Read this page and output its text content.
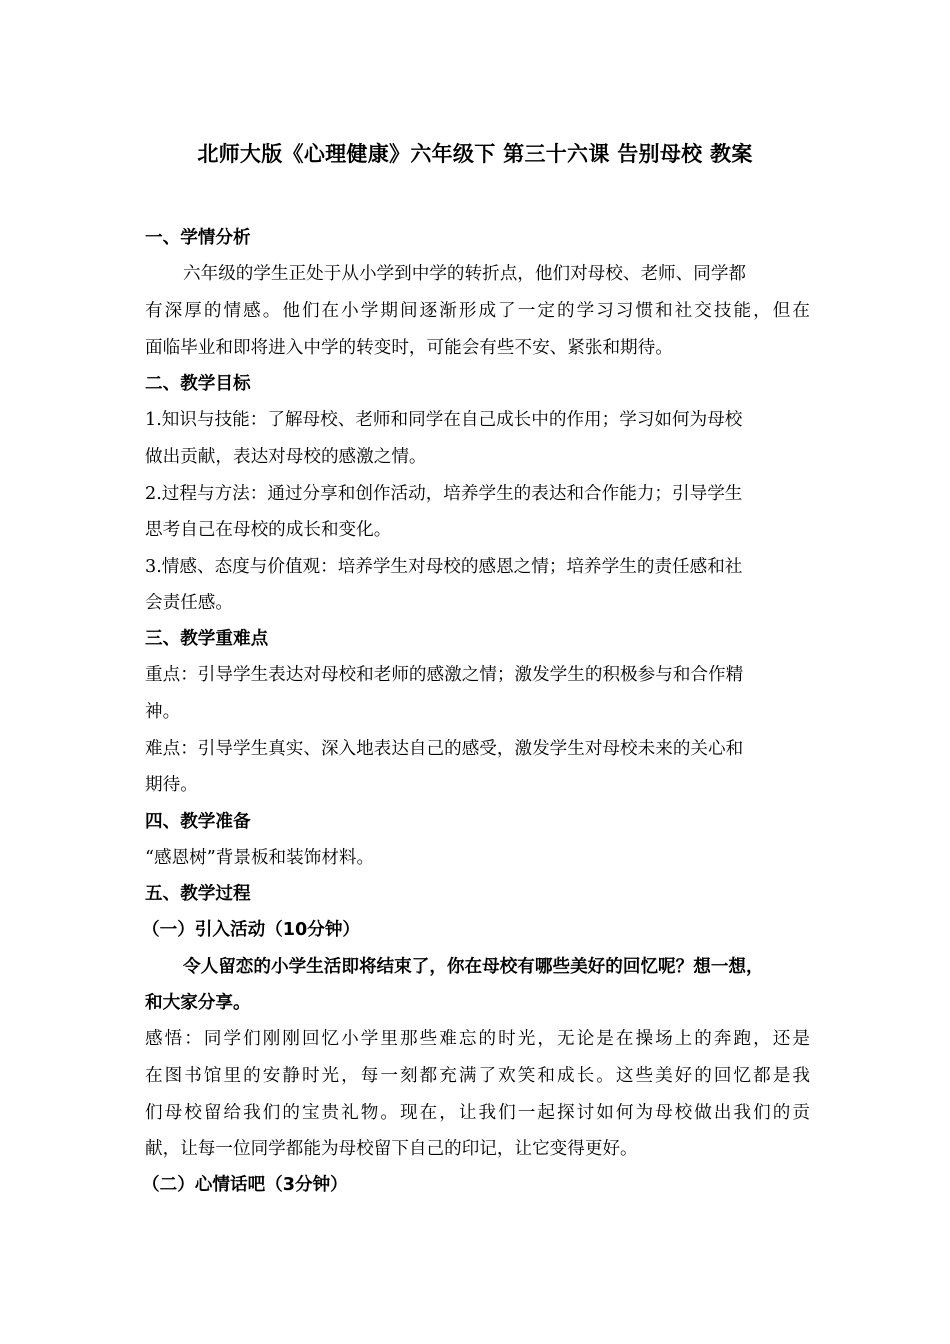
北师大版《心理健康》六年级下 第三十六课 告别母校 教案
一、学情分析
六年级的学生正处于从小学到中学的转折点，他们对母校、老师、同学都
有深厚的情感。他们在小学期间逐渐形成了一定的学习习惯和社交技能，但在
面临毕业和即将进入中学的转变时，可能会有些不安、紧张和期待。
二、教学目标
1.知识与技能：了解母校、老师和同学在自己成长中的作用；学习如何为母校
做出贡献，表达对母校的感激之情。
2.过程与方法：通过分享和创作活动，培养学生的表达和合作能力；引导学生
思考自己在母校的成长和变化。
3.情感、态度与价值观：培养学生对母校的感恩之情；培养学生的责任感和社
会责任感。
三、教学重难点
重点：引导学生表达对母校和老师的感激之情；激发学生的积极参与和合作精
神。
难点：引导学生真实、深入地表达自己的感受，激发学生对母校未来的关心和
期待。
四、教学准备
“感恩树”背景板和装饰材料。
五、教学过程
（一）引入活动（10分钟）
令人留恋的小学生活即将结束了，你在母校有哪些美好的回忆呢？想一想，
和大家分享。
感悟：同学们刚刚回忆小学里那些难忘的时光，无论是在操场上的奔跑，还是
在图书馆里的安静时光，每一刻都充满了欢笑和成长。这些美好的回忆都是我
们母校留给我们的宝贵礼物。现在，让我们一起探讨如何为母校做出我们的贡
献，让每一位同学都能为母校留下自己的印记，让它变得更好。
（二）心情话吧（3分钟）
